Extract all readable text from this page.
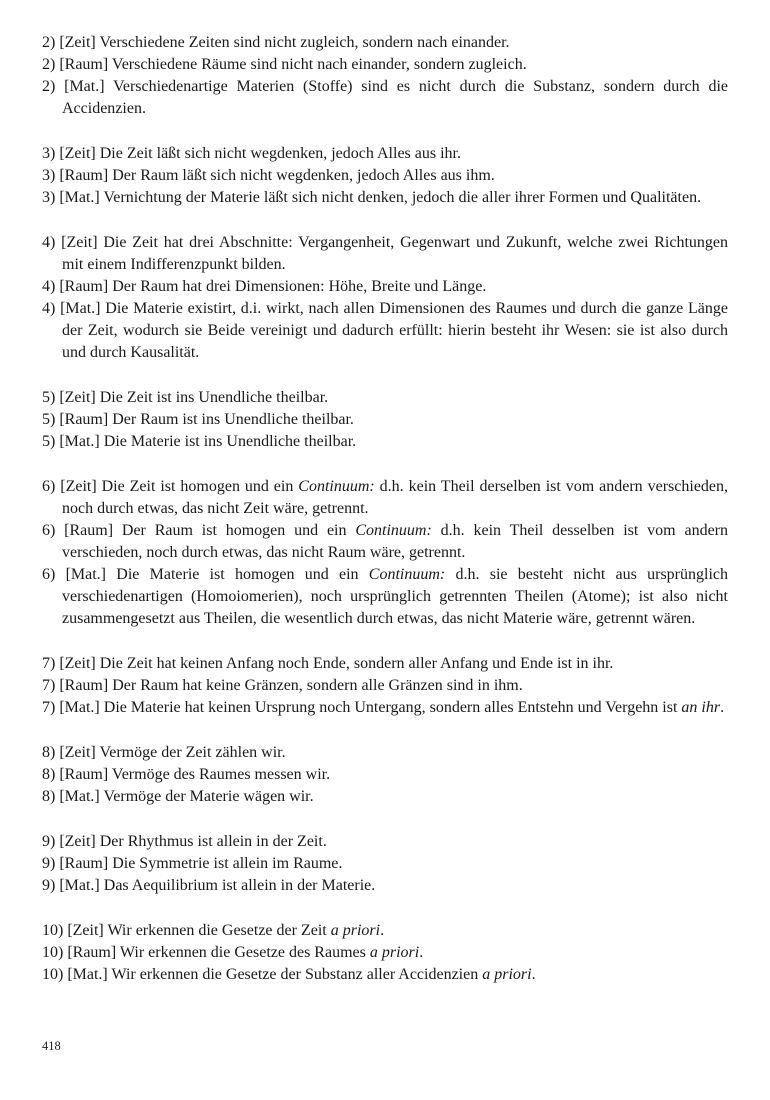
2) [Zeit] Verschiedene Zeiten sind nicht zugleich, sondern nach einander.

2) [Raum] Verschiedene Räume sind nicht nach einander, sondern zugleich.

2) [Mat.] Verschiedenartige Materien (Stoffe) sind es nicht durch die Substanz, sondern durch die Accidenzien.

3) [Zeit] Die Zeit läßt sich nicht wegdenken, jedoch Alles aus ihr.

3) [Raum] Der Raum läßt sich nicht wegdenken, jedoch Alles aus ihm.

3) [Mat.] Vernichtung der Materie läßt sich nicht denken, jedoch die aller ihrer Formen und Qualitäten.

4) [Zeit] Die Zeit hat drei Abschnitte: Vergangenheit, Gegenwart und Zukunft, welche zwei Richtungen mit einem Indifferenzpunkt bilden.

4) [Raum] Der Raum hat drei Dimensionen: Höhe, Breite und Länge.

4) [Mat.] Die Materie existirt, d.i. wirkt, nach allen Dimensionen des Raumes und durch die ganze Länge der Zeit, wodurch sie Beide vereinigt und dadurch erfüllt: hierin besteht ihr Wesen: sie ist also durch und durch Kausalität.

5) [Zeit] Die Zeit ist ins Unendliche theilbar.

5) [Raum] Der Raum ist ins Unendliche theilbar.

5) [Mat.] Die Materie ist ins Unendliche theilbar.

6) [Zeit] Die Zeit ist homogen und ein Continuum: d.h. kein Theil derselben ist vom andern verschieden, noch durch etwas, das nicht Zeit wäre, getrennt.

6) [Raum] Der Raum ist homogen und ein Continuum: d.h. kein Theil desselben ist vom andern verschieden, noch durch etwas, das nicht Raum wäre, getrennt.

6) [Mat.] Die Materie ist homogen und ein Continuum: d.h. sie besteht nicht aus ursprünglich verschiedenartigen (Homoiomerien), noch ursprünglich getrennten Theilen (Atome); ist also nicht zusammengesetzt aus Theilen, die wesentlich durch etwas, das nicht Materie wäre, getrennt wären.

7) [Zeit] Die Zeit hat keinen Anfang noch Ende, sondern aller Anfang und Ende ist in ihr.

7) [Raum] Der Raum hat keine Gränzen, sondern alle Gränzen sind in ihm.

7) [Mat.] Die Materie hat keinen Ursprung noch Untergang, sondern alles Entstehn und Vergehn ist an ihr.

8) [Zeit] Vermöge der Zeit zählen wir.

8) [Raum] Vermöge des Raumes messen wir.

8) [Mat.] Vermöge der Materie wägen wir.

9) [Zeit] Der Rhythmus ist allein in der Zeit.

9) [Raum] Die Symmetrie ist allein im Raume.

9) [Mat.] Das Aequilibrium ist allein in der Materie.

10) [Zeit] Wir erkennen die Gesetze der Zeit a priori.

10) [Raum] Wir erkennen die Gesetze des Raumes a priori.

10) [Mat.] Wir erkennen die Gesetze der Substanz aller Accidenzien a priori.

418
